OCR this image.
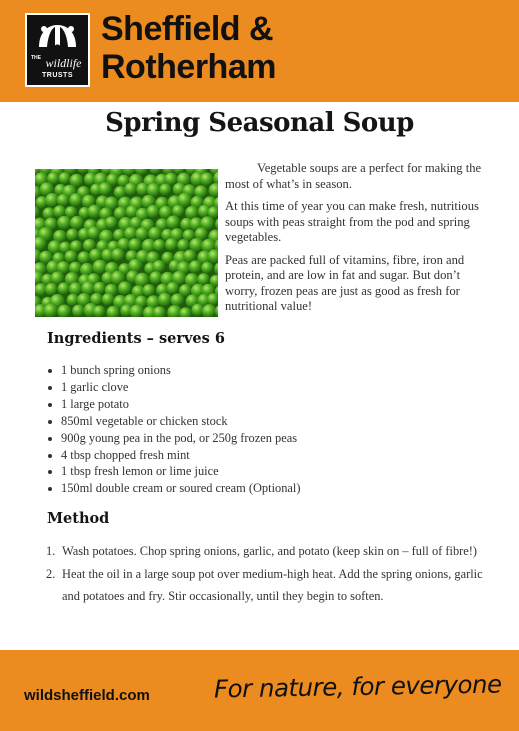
THE wildlife
TRUSTS
Sheffield &
Rotherham
Spring Seasonal Soup

Vegetable soups are a perfect for making the most of what’s in season.

At this time of year you can make fresh, nutritious soups with peas straight from the pod and spring vegetables.

Peas are packed full of vitamins, fibre, iron and protein, and are low in fat and sugar. But don’t worry, frozen peas are just as good as fresh for nutritional value!

Ingredients – serves 6
1 bunch spring onions
1 garlic clove
1 large potato
850ml vegetable or chicken stock
900g young pea in the pod, or 250g frozen peas
4 tbsp chopped fresh mint
1 tbsp fresh lemon or lime juice
150ml double cream or soured cream (Optional)
Method
1. Wash potatoes. Chop spring onions, garlic, and potato (keep skin on – full of fibre!)
2. Heat the oil in a large soup pot over medium-high heat. Add the spring onions, garlic and potatoes and fry. Stir occasionally, until they begin to soften.
wildsheffield.com	For nature, for everyone
